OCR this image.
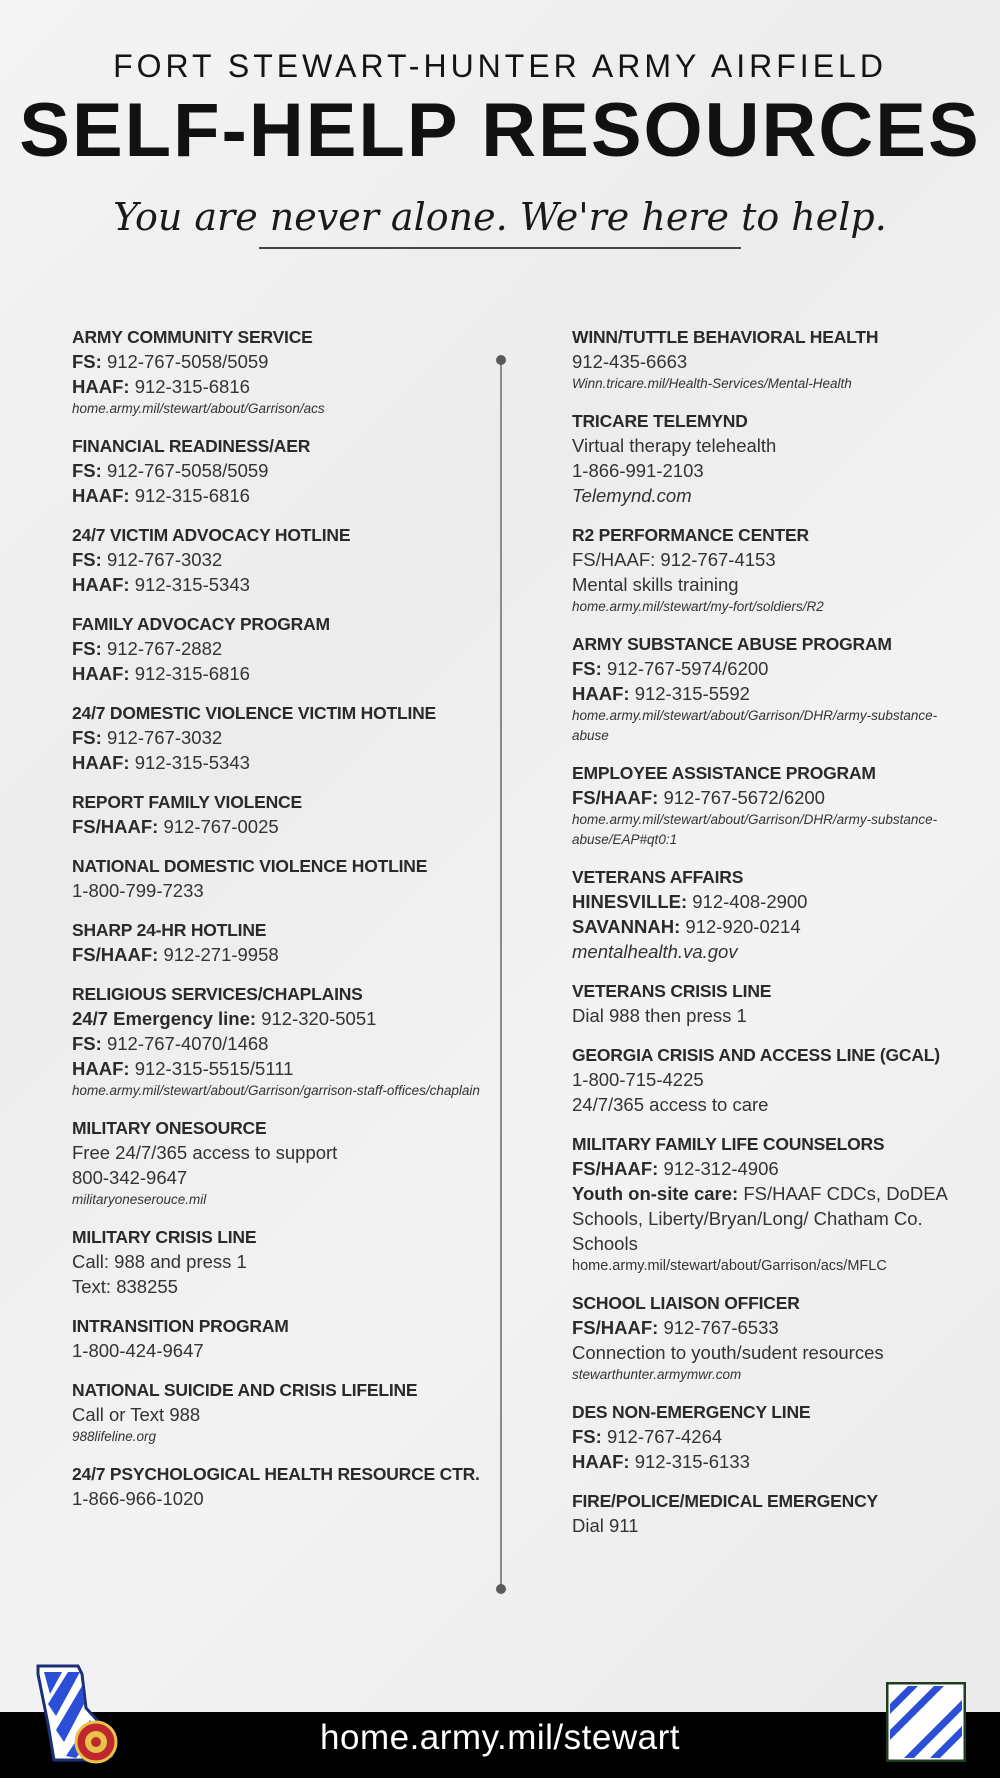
FORT STEWART-HUNTER ARMY AIRFIELD
SELF-HELP RESOURCES
You are never alone. We're here to help.
ARMY COMMUNITY SERVICE
FS: 912-767-5058/5059
HAAF: 912-315-6816
home.army.mil/stewart/about/Garrison/acs
FINANCIAL READINESS/AER
FS: 912-767-5058/5059
HAAF: 912-315-6816
24/7 VICTIM ADVOCACY HOTLINE
FS: 912-767-3032
HAAF: 912-315-5343
FAMILY ADVOCACY PROGRAM
FS: 912-767-2882
HAAF: 912-315-6816
24/7 DOMESTIC VIOLENCE VICTIM HOTLINE
FS: 912-767-3032
HAAF: 912-315-5343
REPORT FAMILY VIOLENCE
FS/HAAF: 912-767-0025
NATIONAL DOMESTIC VIOLENCE HOTLINE
1-800-799-7233
SHARP 24-HR HOTLINE
FS/HAAF: 912-271-9958
RELIGIOUS SERVICES/CHAPLAINS
24/7 Emergency line: 912-320-5051
FS: 912-767-4070/1468
HAAF: 912-315-5515/5111
home.army.mil/stewart/about/Garrison/garrison-staff-offices/chaplain
MILITARY ONESOURCE
Free 24/7/365 access to support
800-342-9647
militaryoneserouce.mil
MILITARY CRISIS LINE
Call: 988 and press 1
Text: 838255
INTRANSITION PROGRAM
1-800-424-9647
NATIONAL SUICIDE AND CRISIS LIFELINE
Call or Text 988
988lifeline.org
24/7 PSYCHOLOGICAL HEALTH RESOURCE CTR.
1-866-966-1020
WINN/TUTTLE BEHAVIORAL HEALTH
912-435-6663
Winn.tricare.mil/Health-Services/Mental-Health
TRICARE TELEMYND
Virtual therapy telehealth
1-866-991-2103
Telemynd.com
R2 PERFORMANCE CENTER
FS/HAAF: 912-767-4153
Mental skills training
home.army.mil/stewart/my-fort/soldiers/R2
ARMY SUBSTANCE ABUSE PROGRAM
FS: 912-767-5974/6200
HAAF: 912-315-5592
home.army.mil/stewart/about/Garrison/DHR/army-substance-abuse
EMPLOYEE ASSISTANCE PROGRAM
FS/HAAF: 912-767-5672/6200
home.army.mil/stewart/about/Garrison/DHR/army-substance-abuse/EAP#qt0:1
VETERANS AFFAIRS
HINESVILLE: 912-408-2900
SAVANNAH: 912-920-0214
mentalhealth.va.gov
VETERANS CRISIS LINE
Dial 988 then press 1
GEORGIA CRISIS AND ACCESS LINE (GCAL)
1-800-715-4225
24/7/365 access to care
MILITARY FAMILY LIFE COUNSELORS
FS/HAAF: 912-312-4906
Youth on-site care: FS/HAAF CDCs, DoDEA Schools, Liberty/Bryan/Long/ Chatham Co. Schools
home.army.mil/stewart/about/Garrison/acs/MFLC
SCHOOL LIAISON OFFICER
FS/HAAF: 912-767-6533
Connection to youth/sudent resources
stewarthunter.armymwr.com
DES NON-EMERGENCY LINE
FS: 912-767-4264
HAAF: 912-315-6133
FIRE/POLICE/MEDICAL EMERGENCY
Dial 911
home.army.mil/stewart
